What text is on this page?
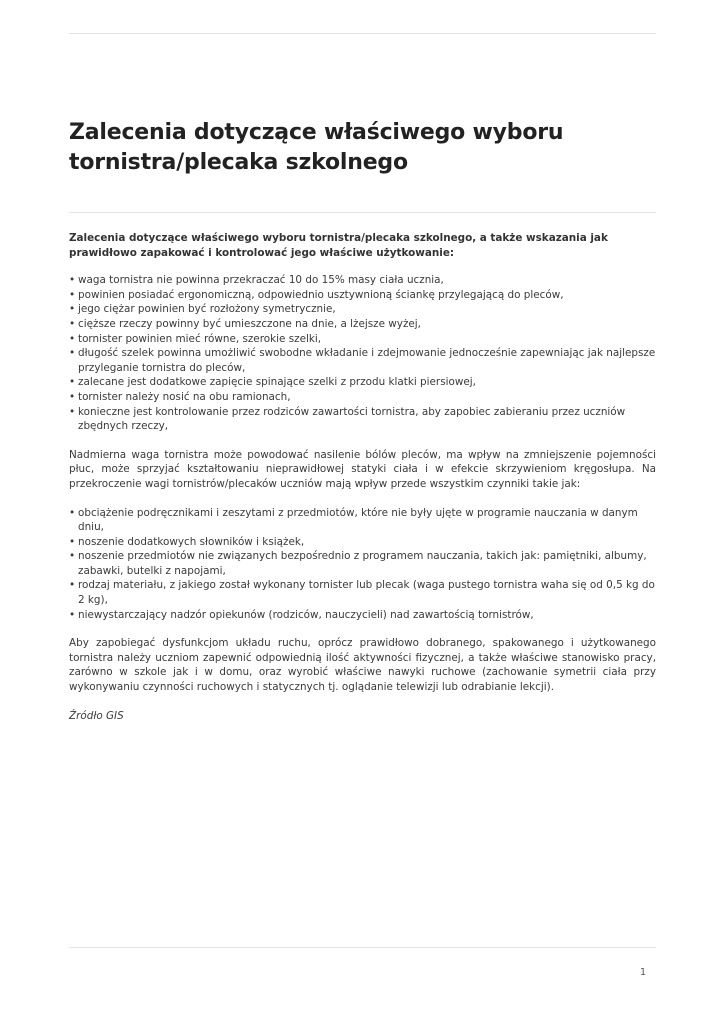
Zalecenia dotyczące właściwego wyboru tornistra/plecaka szkolnego

Zalecenia dotyczące właściwego wyboru tornistra/plecaka szkolnego, a także wskazania jak prawidłowo zapakować i kontrolować jego właściwe użytkowanie:

• waga tornistra nie powinna przekraczać 10 do 15% masy ciała ucznia,
• powinien posiadać ergonomiczną, odpowiednio usztywnioną ściankę przylegającą do pleców,
• jego ciężar powinien być rozłożony symetrycznie,
• cięższe rzeczy powinny być umieszczone na dnie, a lżejsze wyżej,
• tornister powinien mieć równe, szerokie szelki,
• długość szelek powinna umożliwić swobodne wkładanie i zdejmowanie jednocześnie zapewniając jak najlepsze przyleganie tornistra do pleców,
• zalecane jest dodatkowe zapięcie spinające szelki z przodu klatki piersiowej,
• tornister należy nosić na obu ramionach,
• konieczne jest kontrolowanie przez rodziców zawartości tornistra, aby zapobiec zabieraniu przez uczniów zbędnych rzeczy,

Nadmierna waga tornistra może powodować nasilenie bólów pleców, ma wpływ na zmniejszenie pojemności płuc, może sprzyjać kształtowaniu nieprawidłowej statyki ciała i w efekcie skrzywieniom kręgosłupa. Na przekroczenie wagi tornistrów/plecaków uczniów mają wpływ przede wszystkim czynniki takie jak:

• obciążenie podręcznikami i zeszytami z przedmiotów, które nie były ujęte w programie nauczania w danym dniu,
• noszenie dodatkowych słowników i książek,
• noszenie przedmiotów nie związanych bezpośrednio z programem nauczania, takich jak: pamiętniki, albumy, zabawki, butelki z napojami,
• rodzaj materiału, z jakiego został wykonany tornister lub plecak (waga pustego tornistra waha się od 0,5 kg do 2 kg),
• niewystarczający nadzór opiekunów (rodziców, nauczycieli) nad zawartością tornistrów,

Aby zapobiegać dysfunkcjom układu ruchu, oprócz prawidłowo dobranego, spakowanego i użytkowanego tornistra należy uczniom zapewnić odpowiednią ilość aktywności fizycznej, a także właściwe stanowisko pracy, zarówno w szkole jak i w domu, oraz wyrobić właściwe nawyki ruchowe (zachowanie symetrii ciała przy wykonywaniu czynności ruchowych i statycznych tj. oglądanie telewizji lub odrabianie lekcji).

Źródło GIS

1
